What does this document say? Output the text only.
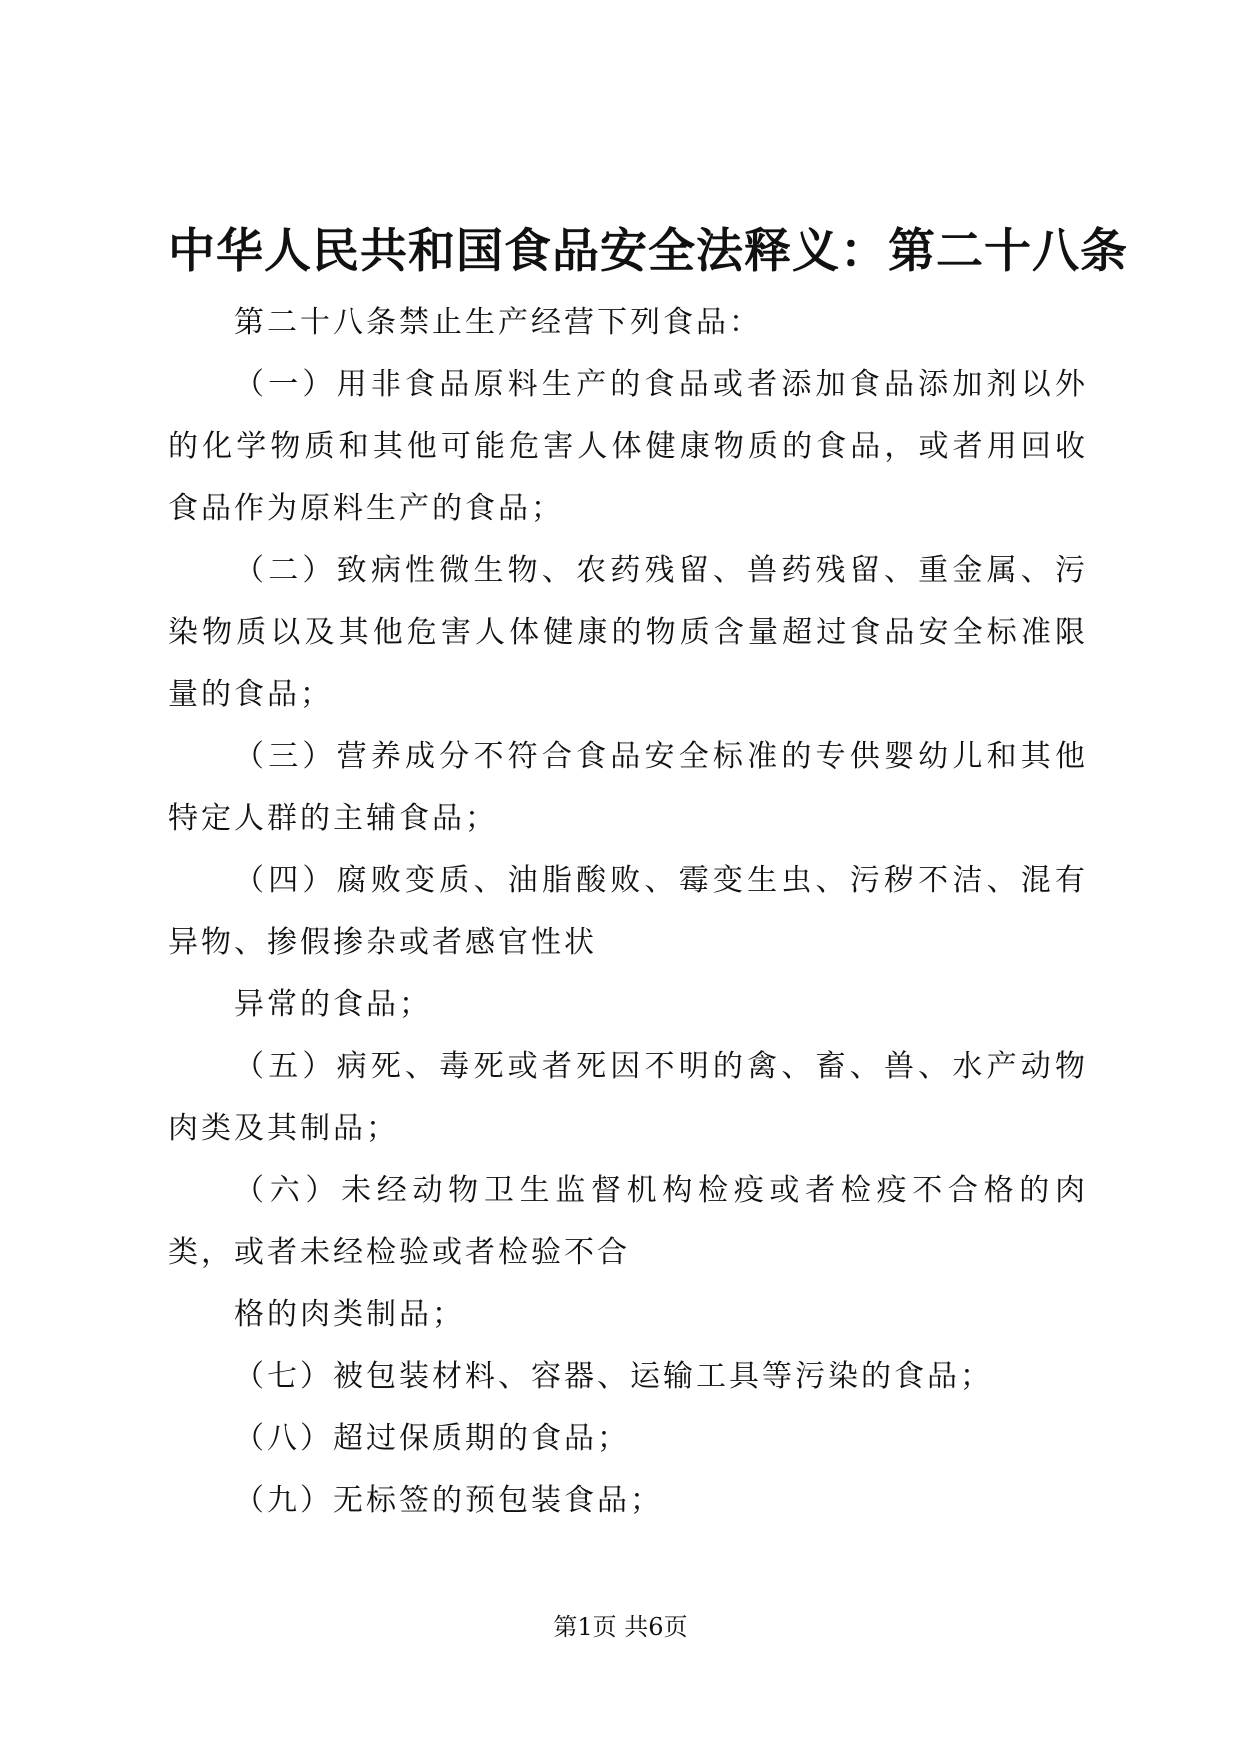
中华人民共和国食品安全法释义：第二十八条

第二十八条禁止生产经营下列食品：

（一）用非食品原料生产的食品或者添加食品添加剂以外的化学物质和其他可能危害人体健康物质的食品，或者用回收食品作为原料生产的食品；

（二）致病性微生物、农药残留、兽药残留、重金属、污染物质以及其他危害人体健康的物质含量超过食品安全标准限量的食品；

（三）营养成分不符合食品安全标准的专供婴幼儿和其他特定人群的主辅食品；

（四）腐败变质、油脂酸败、霉变生虫、污秽不洁、混有异物、掺假掺杂或者感官性状

异常的食品；

（五）病死、毒死或者死因不明的禽、畜、兽、水产动物肉类及其制品；

（六）未经动物卫生监督机构检疫或者检疫不合格的肉类，或者未经检验或者检验不合

格的肉类制品；

（七）被包装材料、容器、运输工具等污染的食品；

（八）超过保质期的食品；

（九）无标签的预包装食品；

第1页 共6页
